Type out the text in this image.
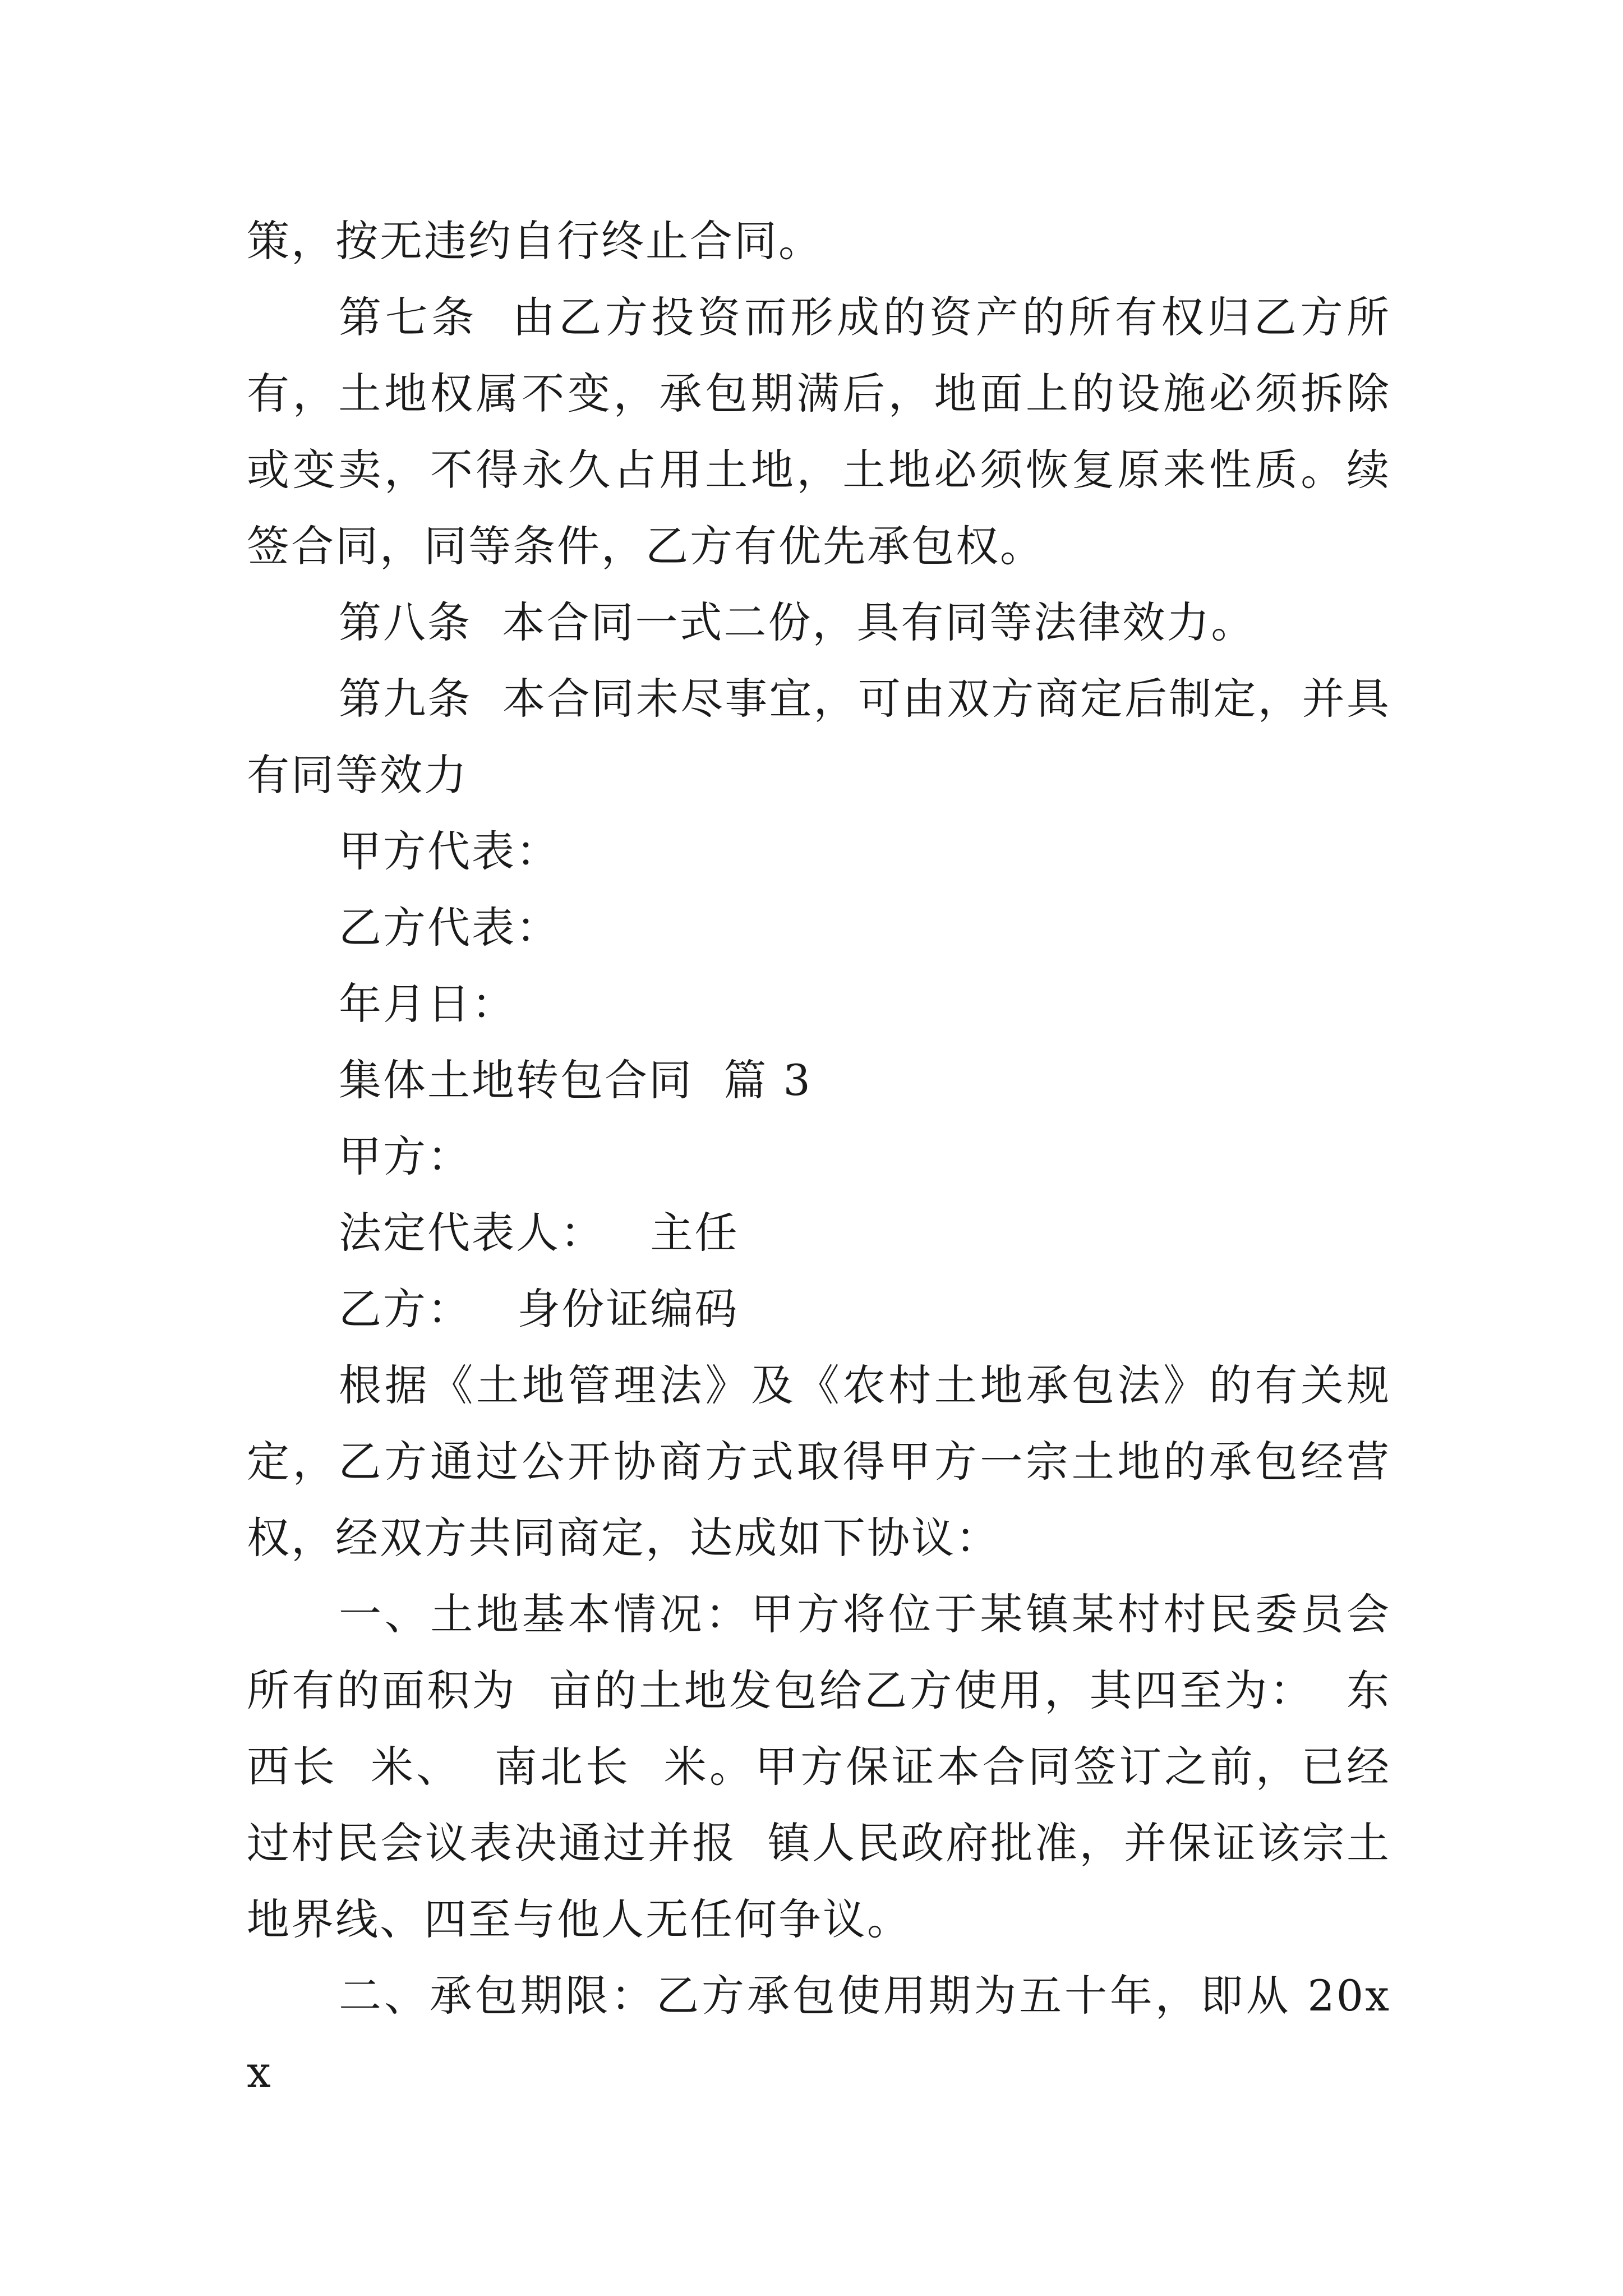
策，按无违约自行终止合同。

第七条  由乙方投资而形成的资产的所有权归乙方所有，土地权属不变，承包期满后，地面上的设施必须拆除或变卖，不得永久占用土地，土地必须恢复原来性质。续签合同，同等条件，乙方有优先承包权。

第八条  本合同一式二份，具有同等法律效力。

第九条  本合同未尽事宜，可由双方商定后制定，并具有同等效力

甲方代表：

乙方代表：

年月日：

集体土地转包合同  篇 3

甲方：

法定代表人：   主任

乙方：   身份证编码

根据《土地管理法》及《农村土地承包法》的有关规定，乙方通过公开协商方式取得甲方一宗土地的承包经营权，经双方共同商定，达成如下协议：

一、土地基本情况：甲方将位于某镇某村村民委员会所有的面积为  亩的土地发包给乙方使用，其四至为：  东西长  米、  南北长  米。甲方保证本合同签订之前，已经过村民会议表决通过并报  镇人民政府批准，并保证该宗土地界线、四至与他人无任何争议。

二、承包期限：乙方承包使用期为五十年，即从 20xx
